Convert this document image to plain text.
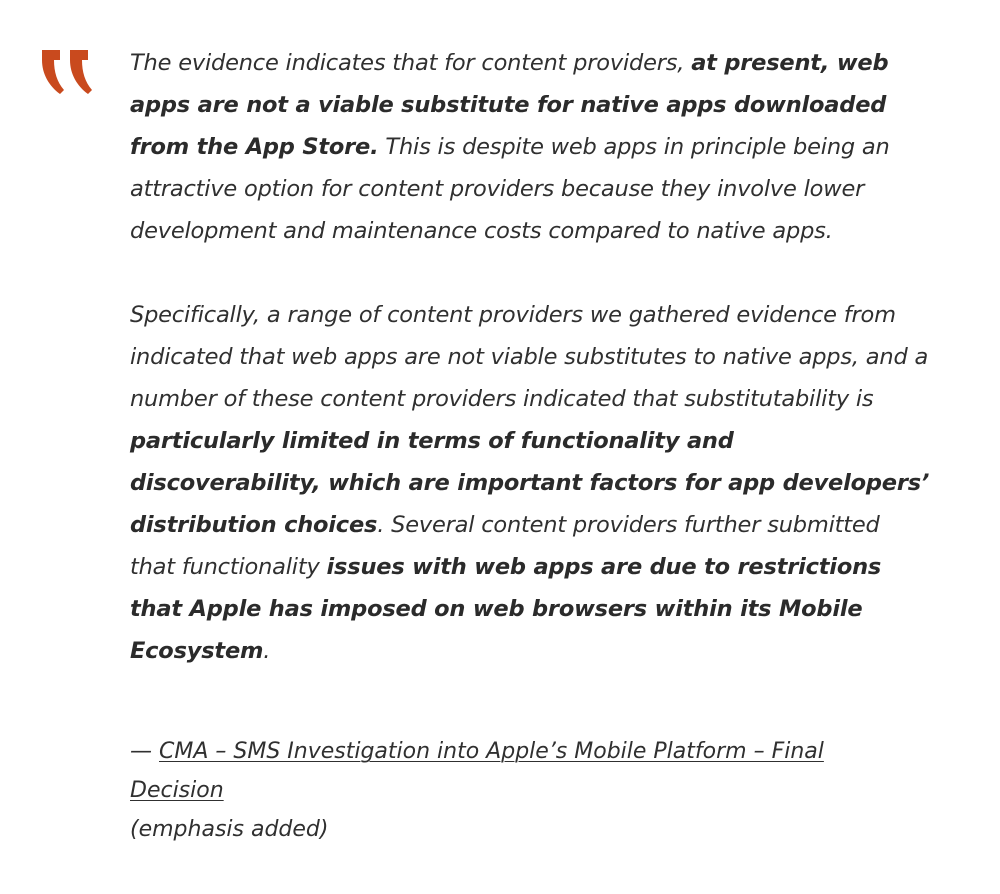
The evidence indicates that for content providers, at present, web apps are not a viable substitute for native apps downloaded from the App Store. This is despite web apps in principle being an attractive option for content providers because they involve lower development and maintenance costs compared to native apps.

Specifically, a range of content providers we gathered evidence from indicated that web apps are not viable substitutes to native apps, and a number of these content providers indicated that substitutability is particularly limited in terms of functionality and discoverability, which are important factors for app developers’ distribution choices. Several content providers further submitted that functionality issues with web apps are due to restrictions that Apple has imposed on web browsers within its Mobile Ecosystem.

— CMA – SMS Investigation into Apple’s Mobile Platform – Final Decision
(emphasis added)
